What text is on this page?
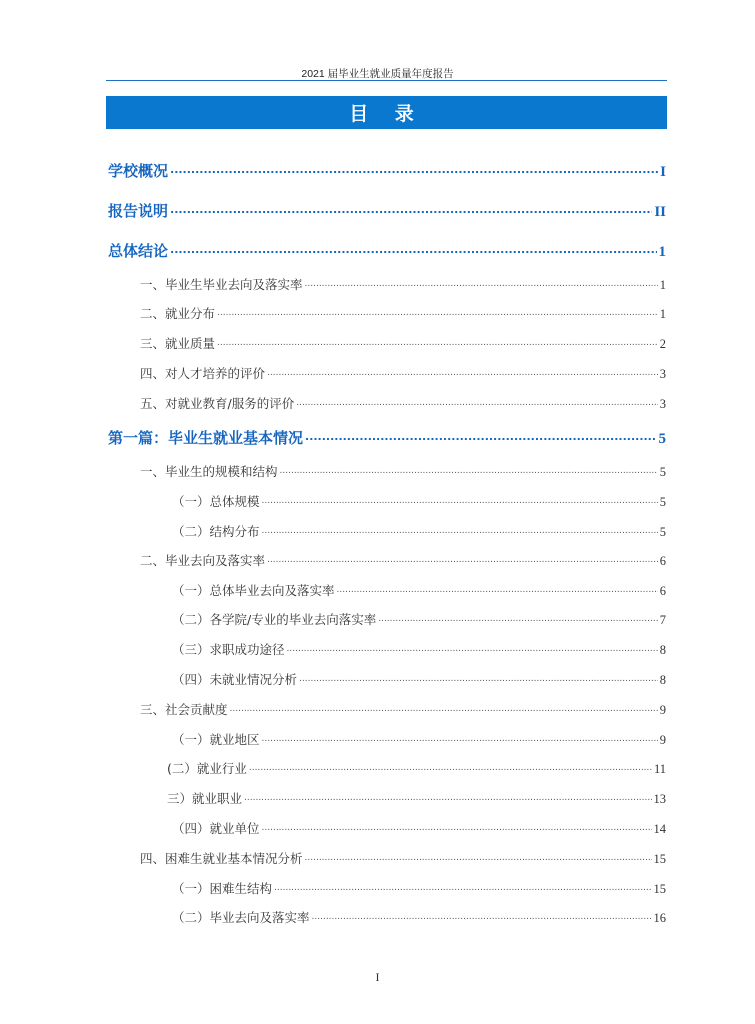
2021 届毕业生就业质量年度报告
目 录
学校概况 .....	I
报告说明 .....	II
总体结论 .....	1
一、毕业生毕业去向及落实率 .....	1
二、就业分布 .....	1
三、就业质量 .....	2
四、对人才培养的评价 .....	3
五、对就业教育/服务的评价 .....	3
第一篇：毕业生就业基本情况 .....	5
一、毕业生的规模和结构 .....	5
（一）总体规模 .....	5
（二）结构分布 .....	5
二、毕业去向及落实率 .....	6
（一）总体毕业去向及落实率 .....	6
（二）各学院/专业的毕业去向落实率 .....	7
（三）求职成功途径 .....	8
（四）未就业情况分析 .....	8
三、社会贡献度 .....	9
（一）就业地区 .....	9
(二）就业行业 .....	11
三）就业职业 .....	13
（四）就业单位 .....	14
四、困难生就业基本情况分析 .....	15
（一）困难生结构 .....	15
（二）毕业去向及落实率 .....	16
I
